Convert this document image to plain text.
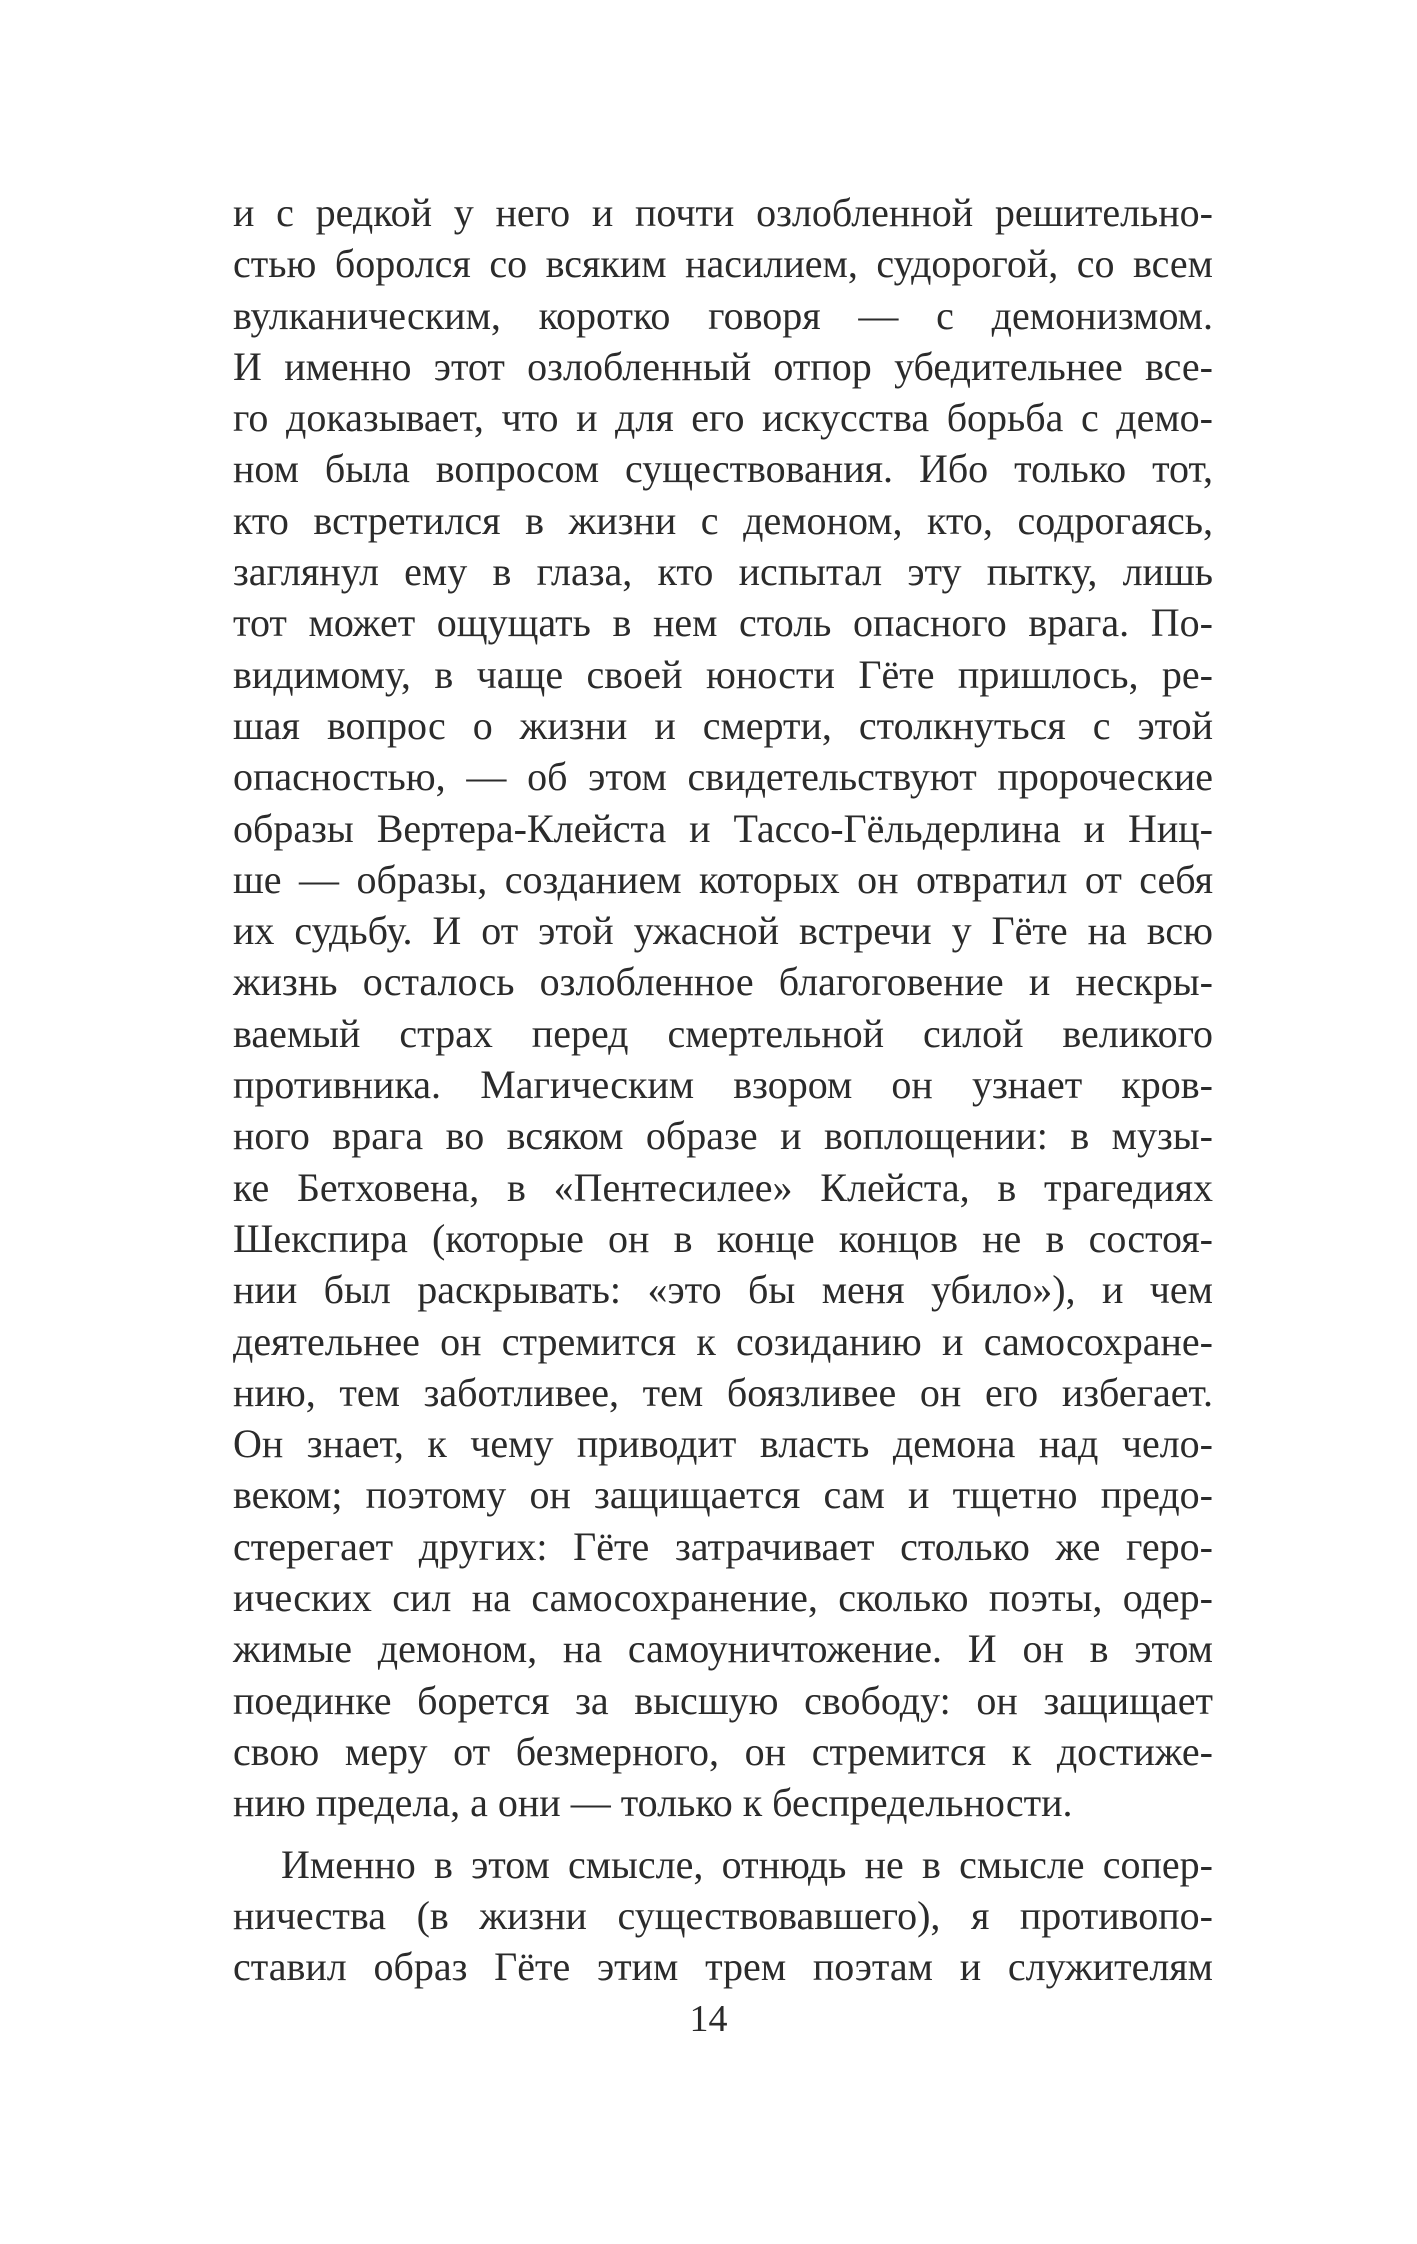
и с редкой у него и почти озлобленной решительно-
стью боролся со всяким насилием, судорогой, со всем
вулканическим, коротко говоря — с демонизмом.
И именно этот озлобленный отпор убедительнее все-
го доказывает, что и для его искусства борьба с демо-
ном была вопросом существования. Ибо только тот,
кто встретился в жизни с демоном, кто, содрогаясь,
заглянул ему в глаза, кто испытал эту пытку, лишь
тот может ощущать в нем столь опасного врага. По-
видимому, в чаще своей юности Гёте пришлось, ре-
шая вопрос о жизни и смерти, столкнуться с этой
опасностью, — об этом свидетельствуют пророческие
образы Вертера-Клейста и Тассо-Гёльдерлина и Ниц-
ше — образы, созданием которых он отвратил от себя
их судьбу. И от этой ужасной встречи у Гёте на всю
жизнь осталось озлобленное благоговение и нескры-
ваемый страх перед смертельной силой великого
противника. Магическим взором он узнает кров-
ного врага во всяком образе и воплощении: в музы-
ке Бетховена, в «Пентесилее» Клейста, в трагедиях
Шекспира (которые он в конце концов не в состоя-
нии был раскрывать: «это бы меня убило»), и чем
деятельнее он стремится к созиданию и самосохране-
нию, тем заботливее, тем боязливее он его избегает.
Он знает, к чему приводит власть демона над чело-
веком; поэтому он защищается сам и тщетно предо-
стерегает других: Гёте затрачивает столько же геро-
ических сил на самосохранение, сколько поэты, одер-
жимые демоном, на самоуничтожение. И он в этом
поединке борется за высшую свободу: он защищает
свою меру от безмерного, он стремится к достиже-
нию предела, а они — только к беспредельности.
Именно в этом смысле, отнюдь не в смысле сопер-
ничества (в жизни существовавшего), я противопо-
ставил образ Гёте этим трем поэтам и служителям
14
